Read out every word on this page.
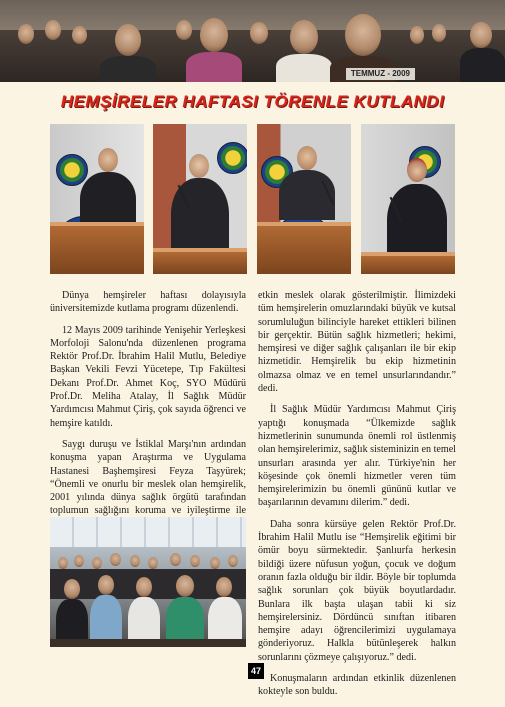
TEMMUZ - 2009
HEMŞİRELER HAFTASI TÖRENLE KUTLANDI

Dünya hemşireler haftası dolayısıyla üniversitemizde kutlama programı düzenlendi.

12 Mayıs 2009 tarihinde Yenişehir Yerleşkesi Morfoloji Salonu'nda düzenlenen programa Rektör Prof.Dr. İbrahim Halil Mutlu, Belediye Başkan Vekili Fevzi Yücetepe, Tıp Fakültesi Dekanı Prof.Dr. Ahmet Koç, SYO Müdürü Prof.Dr. Meliha Atalay, İl Sağlık Müdür Yardımcısı Mahmut Çiriş, çok sayıda öğrenci ve hemşire katıldı.

Saygı duruşu ve İstiklal Marşı'nın ardından konuşma yapan Araştırma ve Uygulama Hastanesi Başhemşiresi Feyza Taşyürek; “Önemli ve onurlu bir meslek olan hemşirelik, 2001 yılında dünya sağlık örgütü tarafından toplumun sağlığını koruma ve iyileştirme ile

etkin meslek olarak gösterilmiştir. İlimizdeki tüm hemşirelerin omuzlarındaki büyük ve kutsal sorumluluğun bilinciyle hareket ettikleri bilinen bir gerçektir. Bütün sağlık hizmetleri; hekimi, hemşiresi ve diğer sağlık çalışanları ile bir ekip hizmetidir. Hemşirelik bu ekip hizmetinin olmazsa olmaz ve en temel unsurlarındandır.” dedi.

İl Sağlık Müdür Yardımcısı Mahmut Çiriş yaptığı konuşmada “Ülkemizde sağlık hizmetlerinin sunumunda önemli rol üstlenmiş olan hemşirelerimiz, sağlık sisteminizin en temel unsurları arasında yer alır. Türkiye'nin her köşesinde çok önemli hizmetler veren tüm hemşirelerimizin bu önemli gününü kutlar ve başarılarının devamını dilerim.” dedi.

Daha sonra kürsüye gelen Rektör Prof.Dr. İbrahim Halil Mutlu ise “Hemşirelik eğitimi bir ömür boyu sürmektedir. Şanlıurfa herkesin bildiği üzere nüfusun yoğun, çocuk ve doğum oranın fazla olduğu bir ildir. Böyle bir toplumda sağlık sorunları çok büyük boyutlardadır. Bunlara ilk başta ulaşan tabii ki siz hemşirelersiniz. Dördüncü sınıftan itibaren hemşire adayı öğrencilerimizi uygulamaya gönderiyoruz. Halkla bütünleşerek halkın sorunlarını çözmeye çalışıyoruz.” dedi.

Konuşmaların ardından etkinlik düzenlenen kokteyle son buldu.

47
